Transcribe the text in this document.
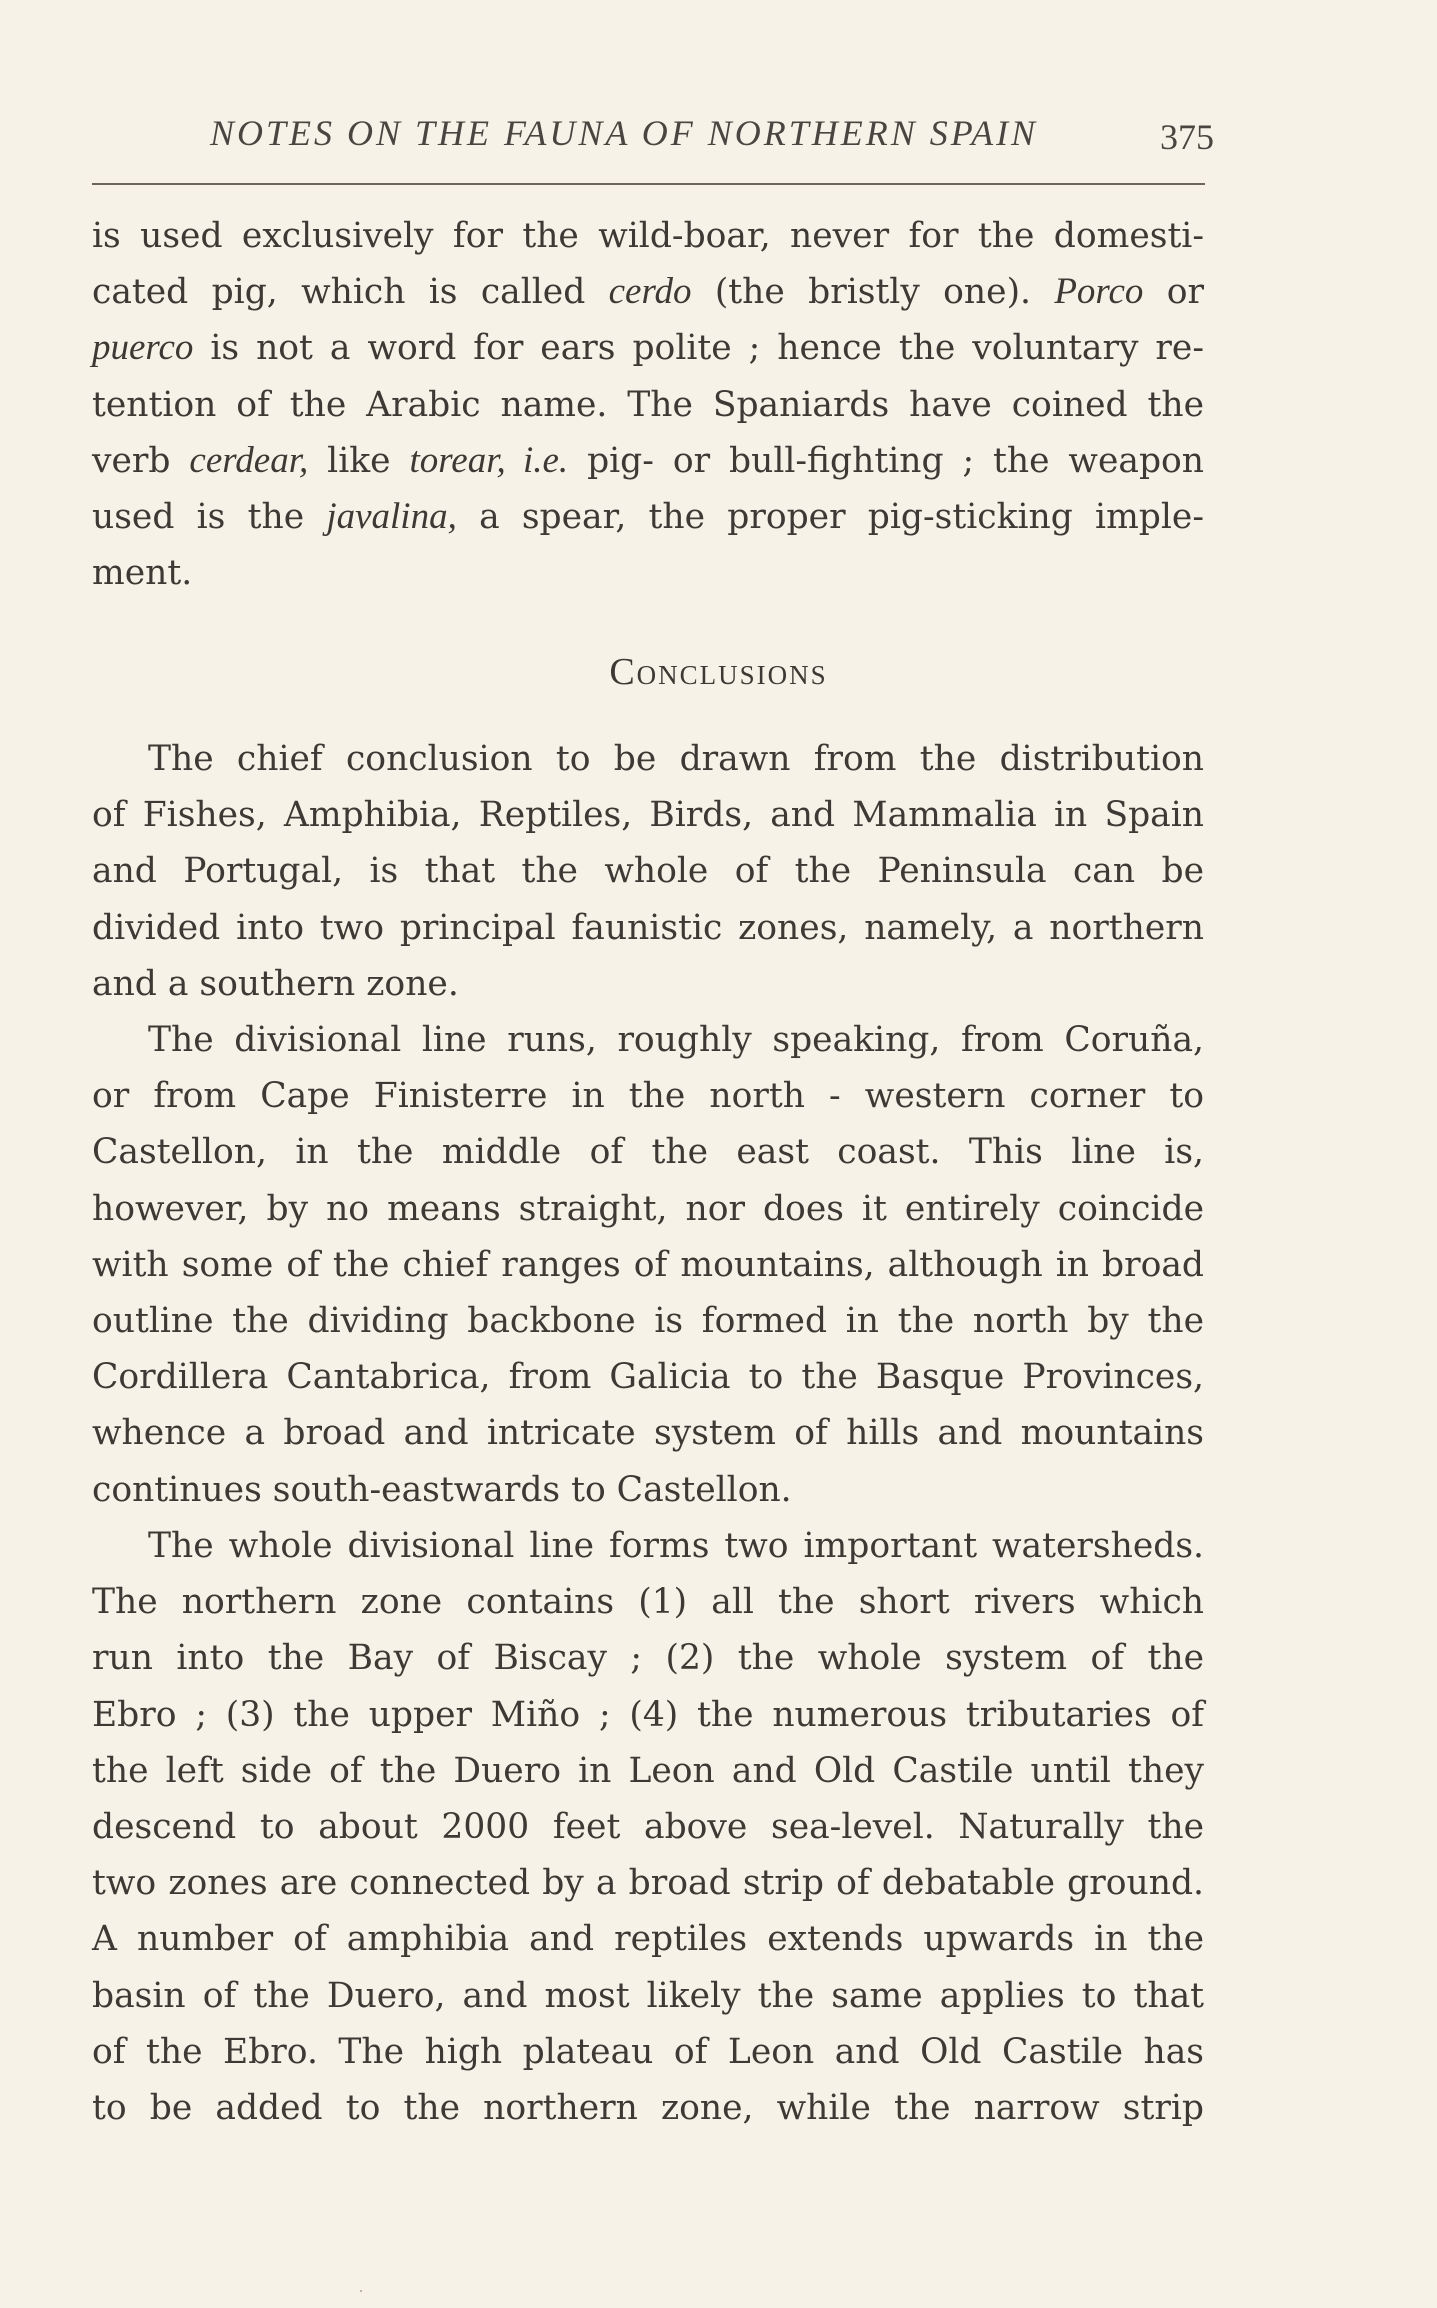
NOTES ON THE FAUNA OF NORTHERN SPAIN	375
is used exclusively for the wild-boar, never for the domesti-
cated pig, which is called cerdo (the bristly one). Porco or
puerco is not a word for ears polite ; hence the voluntary re-
tention of the Arabic name. The Spaniards have coined the
verb cerdear, like torear, i.e. pig- or bull-fighting ; the weapon
used is the javalina, a spear, the proper pig-sticking imple-
ment.
Conclusions
The chief conclusion to be drawn from the distribution
of Fishes, Amphibia, Reptiles, Birds, and Mammalia in Spain
and Portugal, is that the whole of the Peninsula can be
divided into two principal faunistic zones, namely, a northern
and a southern zone.
The divisional line runs, roughly speaking, from Coruña,
or from Cape Finisterre in the north - western corner to
Castellon, in the middle of the east coast. This line is,
however, by no means straight, nor does it entirely coincide
with some of the chief ranges of mountains, although in broad
outline the dividing backbone is formed in the north by the
Cordillera Cantabrica, from Galicia to the Basque Provinces,
whence a broad and intricate system of hills and mountains
continues south-eastwards to Castellon.
The whole divisional line forms two important watersheds.
The northern zone contains (1) all the short rivers which
run into the Bay of Biscay ; (2) the whole system of the
Ebro ; (3) the upper Miño ; (4) the numerous tributaries of
the left side of the Duero in Leon and Old Castile until they
descend to about 2000 feet above sea-level. Naturally the
two zones are connected by a broad strip of debatable ground.
A number of amphibia and reptiles extends upwards in the
basin of the Duero, and most likely the same applies to that
of the Ebro. The high plateau of Leon and Old Castile has
to be added to the northern zone, while the narrow strip
